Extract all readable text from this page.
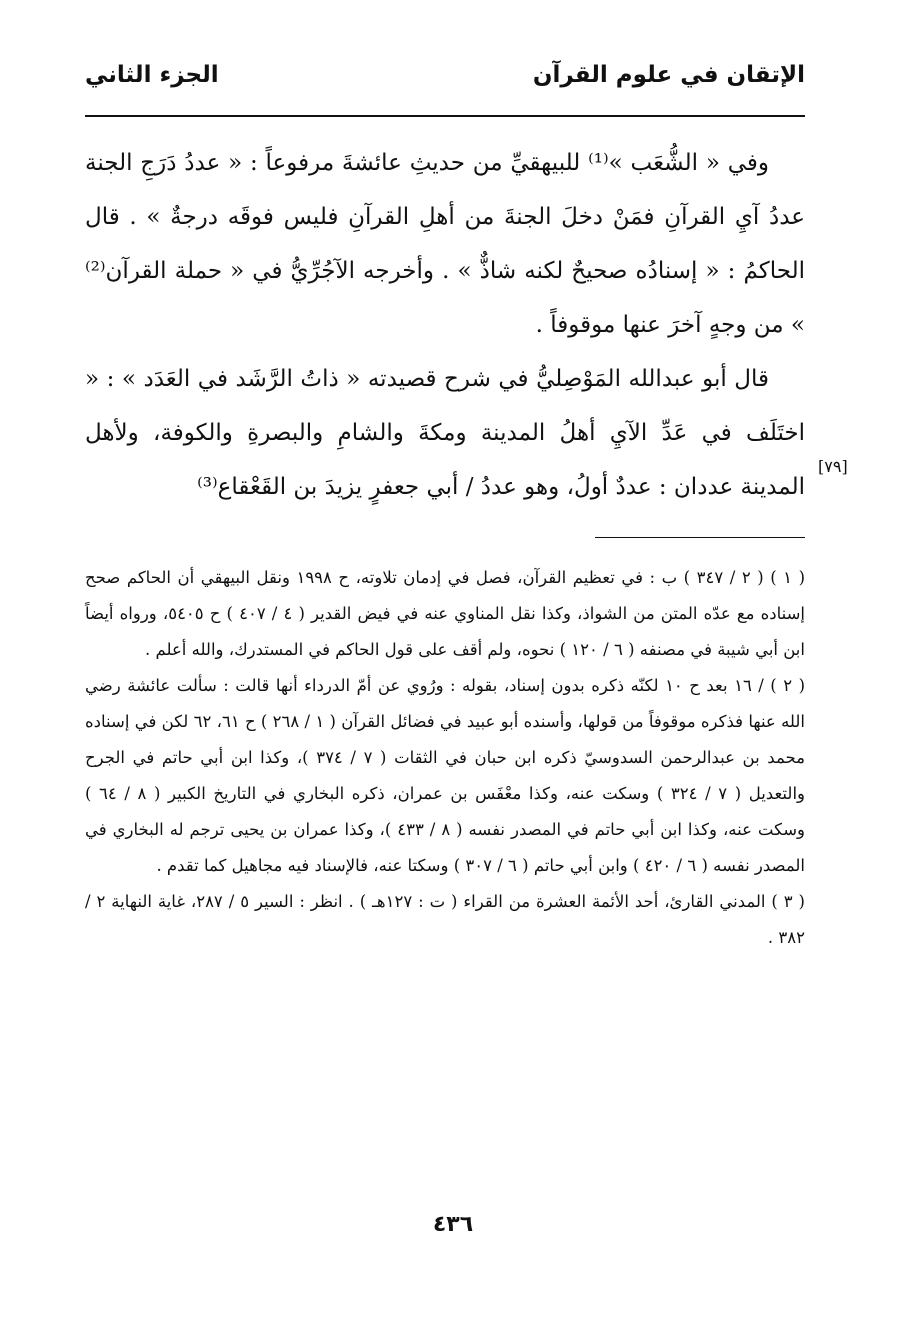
الإتقان في علوم القرآن
الجزء الثاني

وفي « الشُّعَب »⁽¹⁾ للبيهقيِّ من حديثِ عائشةَ مرفوعاً : « عددُ دَرَجِ الجنة عددُ آيِ القرآنِ فمَنْ دخلَ الجنةَ من أهلِ القرآنِ فليس فوقَه درجةٌ » . قال الحاكمُ : « إسنادُه صحيحٌ لكنه شاذٌّ » . وأخرجه الآجُرِّيُّ في « حملة القرآن⁽²⁾ » من وجهٍ آخرَ عنها موقوفاً .

قال أبو عبدالله المَوْصِليُّ في شرح قصيدته « ذاتُ الرَّشَد في العَدَد » : « اختَلَف في عَدِّ الآيِ أهلُ المدينة ومكةَ والشامِ والبصرةِ والكوفة، ولأهل المدينة عددان : عددٌ أولُ، وهو عددُ / أبي جعفرٍ يزيدَ بن القَعْقاع⁽³⁾

[٧٩]

( ١ ) ( ٢ / ٣٤٧ ) ب : في تعظيم القرآن، فصل في إدمان تلاوته، ح ١٩٩٨ ونقل البيهقي أن الحاكم صحح إسناده مع عدّه المتن من الشواذ، وكذا نقل المناوي عنه في فيض القدير ( ٤ / ٤٠٧ ) ح ٥٤٠٥، ورواه أيضاً ابن أبي شيبة في مصنفه ( ٦ / ١٢٠ ) نحوه، ولم أقف على قول الحاكم في المستدرك، والله أعلم .

( ٢ ) / ١٦ بعد ح ١٠ لكنّه ذكره بدون إسناد، بقوله : ورُوي عن أمّ الدرداء أنها قالت : سألت عائشة رضي الله عنها فذكره موقوفاً من قولها، وأسنده أبو عبيد في فضائل القرآن ( ١ / ٢٦٨ ) ح ٦١، ٦٢ لكن في إسناده محمد بن عبدالرحمن السدوسيّ ذكره ابن حبان في الثقات ( ٧ / ٣٧٤ )، وكذا ابن أبي حاتم في الجرح والتعديل ( ٧ / ٣٢٤ ) وسكت عنه، وكذا معْفَس بن عمران، ذكره البخاري في التاريخ الكبير ( ٨ / ٦٤ ) وسكت عنه، وكذا ابن أبي حاتم في المصدر نفسه ( ٨ / ٤٣٣ )، وكذا عمران بن يحيى ترجم له البخاري في المصدر نفسه ( ٦ / ٤٢٠ ) وابن أبي حاتم ( ٦ / ٣٠٧ ) وسكتا عنه، فالإسناد فيه مجاهيل كما تقدم .

( ٣ ) المدني القارئ، أحد الأئمة العشرة من القراء ( ت : ١٢٧هـ ) . انظر : السير ٥ / ٢٨٧، غاية النهاية ٢ / ٣٨٢ .

٤٣٦
